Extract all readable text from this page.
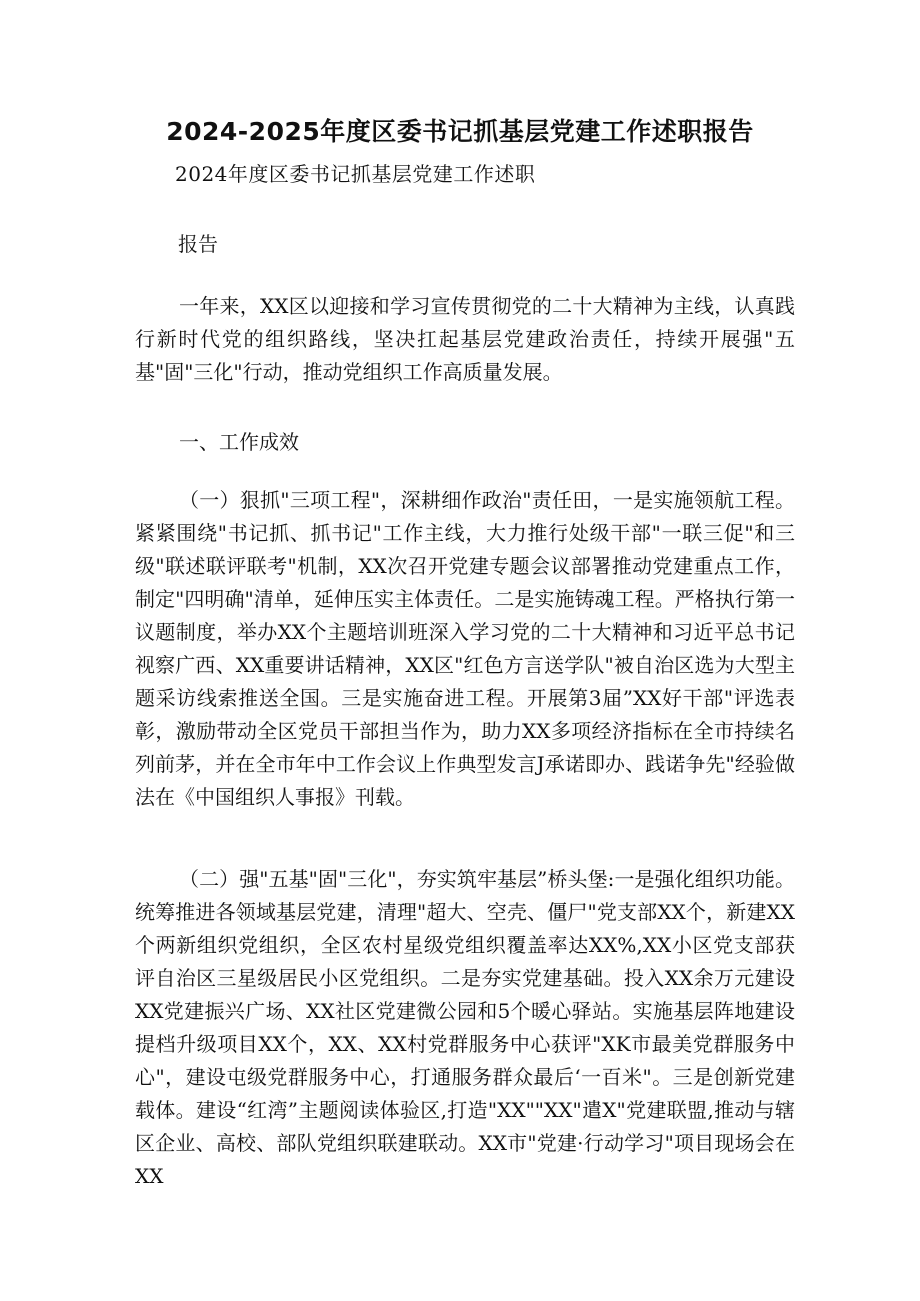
2024-2025年度区委书记抓基层党建工作述职报告
2024年度区委书记抓基层党建工作述职
报告
一年来，XX区以迎接和学习宣传贯彻党的二十大精神为主线，认真践行新时代党的组织路线，坚决扛起基层党建政治责任，持续开展强"五基"固"三化"行动，推动党组织工作高质量发展。
一、工作成效
（一）狠抓"三项工程"，深耕细作政治"责任田，一是实施领航工程。紧紧围绕"书记抓、抓书记"工作主线，大力推行处级干部"一联三促"和三级"联述联评联考"机制，XX次召开党建专题会议部署推动党建重点工作，制定"四明确"清单，延伸压实主体责任。二是实施铸魂工程。严格执行第一议题制度，举办XX个主题培训班深入学习党的二十大精神和习近平总书记视察广西、XX重要讲话精神，XX区"红色方言送学队"被自治区选为大型主题采访线索推送全国。三是实施奋进工程。开展第3届”XX好干部"评选表彰，激励带动全区党员干部担当作为，助力XX多项经济指标在全市持续名列前茅，并在全市年中工作会议上作典型发言J承诺即办、践诺争先"经验做法在《中国组织人事报》刊载。
（二）强"五基"固"三化"，夯实筑牢基层”桥头堡:一是强化组织功能。统筹推进各领域基层党建，清理"超大、空壳、僵尸"党支部XX个，新建XX个两新组织党组织，全区农村星级党组织覆盖率达XX%,XX小区党支部获评自治区三星级居民小区党组织。二是夯实党建基础。投入XX余万元建设XX党建振兴广场、XX社区党建微公园和5个暖心驿站。实施基层阵地建设提档升级项目XX个，XX、XX村党群服务中心获评"XK市最美党群服务中心"，建设屯级党群服务中心，打通服务群众最后‘一百米"。三是创新党建载体。建设“红湾”主题阅读体验区,打造"XX""XX"遣X"党建联盟,推动与辖区企业、高校、部队党组织联建联动。XX市"党建·行动学习"项目现场会在XX
